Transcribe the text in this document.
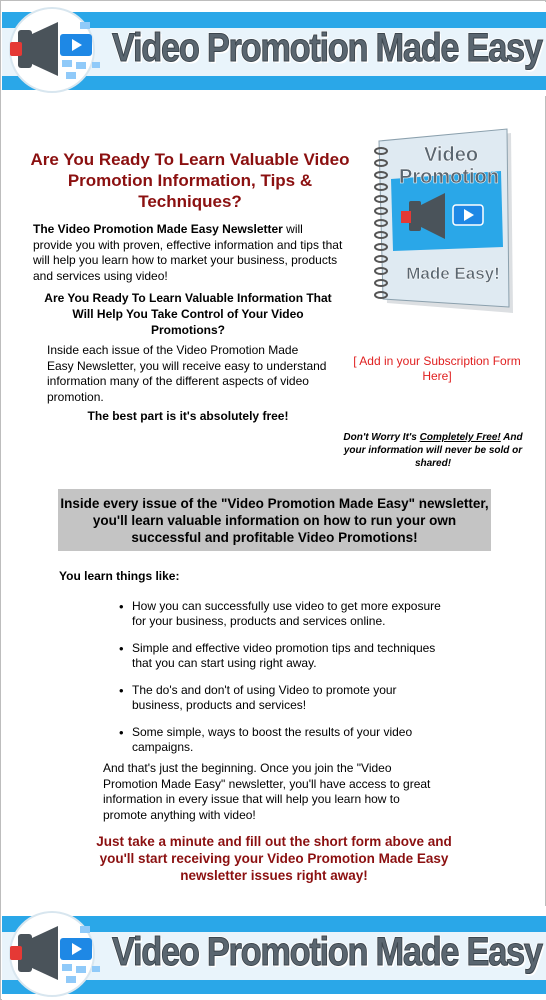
Video Promotion Made Easy
Are You Ready To Learn Valuable Video Promotion Information, Tips & Techniques?
The Video Promotion Made Easy Newsletter will provide you with proven, effective information and tips that will help you learn how to market your business, products and services using video!
Are You Ready To Learn Valuable Information That Will Help You Take Control of Your Video Promotions?
Inside each issue of the Video Promotion Made Easy Newsletter, you will receive easy to understand information many of the different aspects of video promotion.
The best part is it's absolutely free!
Video
Promotion
Made Easy!
[ Add in your Subscription Form Here]
Don't Worry It's Completely Free! And your information will never be sold or shared!
Inside every issue of the "Video Promotion Made Easy" newsletter, you'll learn valuable information on how to run your own successful and profitable Video Promotions!
You learn things like:
• How you can successfully use video to get more exposure for your business, products and services online.
• Simple and effective video promotion tips and techniques that you can start using right away.
• The do's and don't of using Video to promote your business, products and services!
• Some simple, ways to boost the results of your video campaigns.
And that's just the beginning. Once you join the "Video Promotion Made Easy" newsletter, you'll have access to great information in every issue that will help you learn how to promote anything with video!
Just take a minute and fill out the short form above and you'll start receiving your Video Promotion Made Easy newsletter issues right away!
Video Promotion Made Easy
